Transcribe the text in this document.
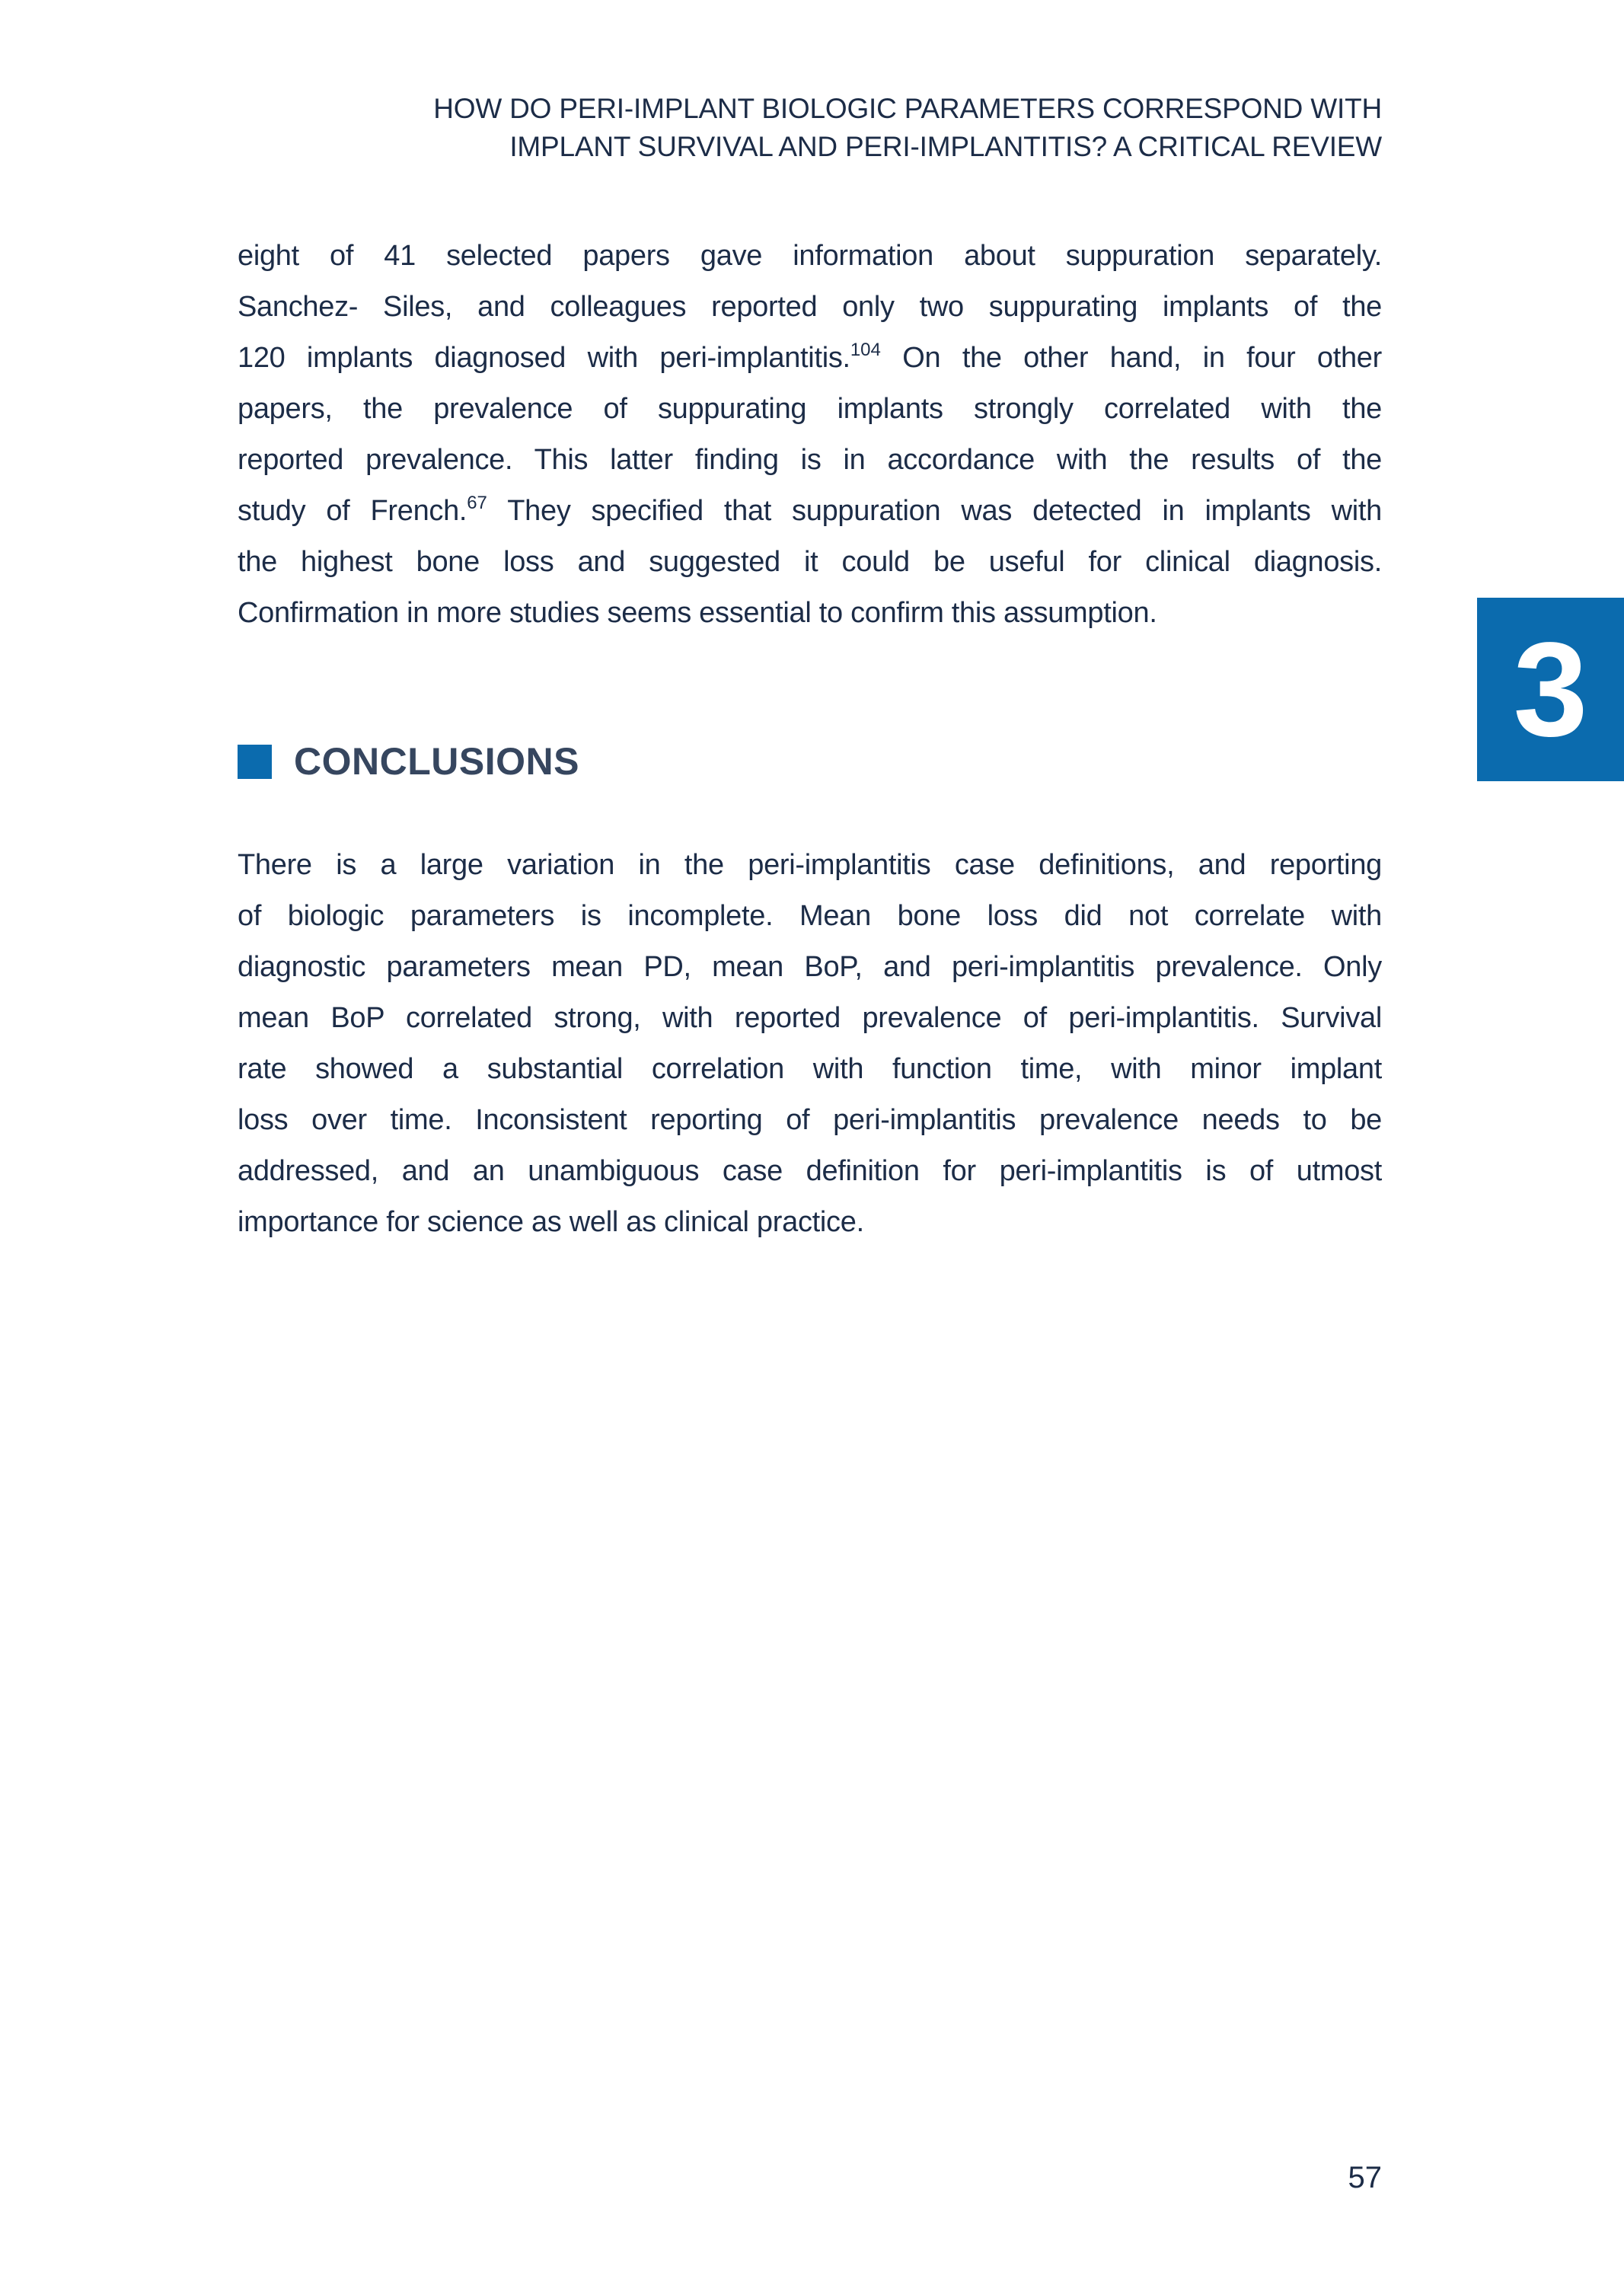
HOW DO PERI-IMPLANT BIOLOGIC PARAMETERS CORRESPOND WITH
IMPLANT SURVIVAL AND PERI-IMPLANTITIS? A CRITICAL REVIEW
eight of 41 selected papers gave information about suppuration separately.
Sanchez- Siles, and colleagues reported only two suppurating implants of the
120 implants diagnosed with peri-implantitis.$^{104}$ On the other hand, in four other
papers, the prevalence of suppurating implants strongly correlated with the
reported prevalence. This latter finding is in accordance with the results of the
study of French.$^{67}$ They specified that suppuration was detected in implants with
the highest bone loss and suggested it could be useful for clinical diagnosis.
Confirmation in more studies seems essential to confirm this assumption.
3
CONCLUSIONS
There is a large variation in the peri-implantitis case definitions, and reporting
of biologic parameters is incomplete. Mean bone loss did not correlate with
diagnostic parameters mean PD, mean BoP, and peri-implantitis prevalence. Only
mean BoP correlated strong, with reported prevalence of peri-implantitis. Survival
rate showed a substantial correlation with function time, with minor implant
loss over time. Inconsistent reporting of peri-implantitis prevalence needs to be
addressed, and an unambiguous case definition for peri-implantitis is of utmost
importance for science as well as clinical practice.
57
